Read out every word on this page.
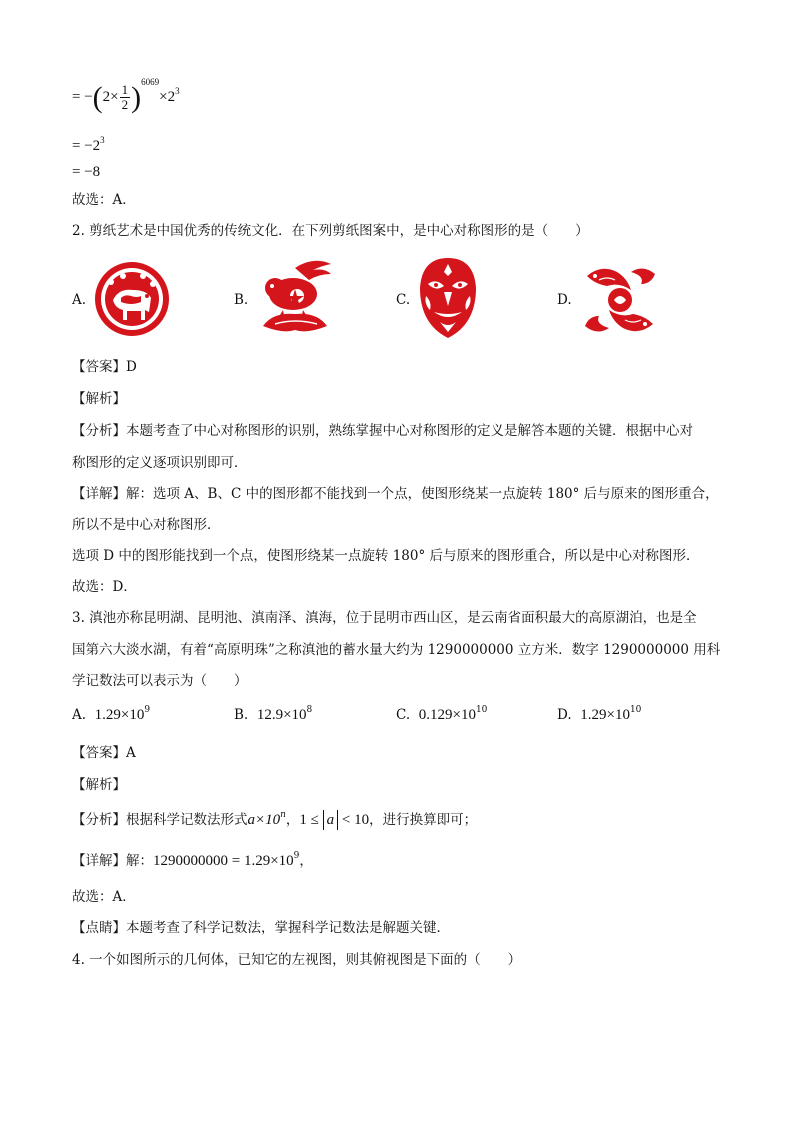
= $-(2\times \frac{1}{2} )^{6069}\times 2^3$
= $-2^3$
= −8
故选：A．
2. 剪纸艺术是中国优秀的传统文化．在下列剪纸图案中，是中心对称图形的是（　　）
A.	B.	C.	D.
【答案】D
【解析】
【分析】本题考查了中心对称图形的识别，熟练掌握中心对称图形的定义是解答本题的关键．根据中心对
称图形的定义逐项识别即可．
【详解】解：选项 A、B、C 中的图形都不能找到一个点，使图形绕某一点旋转 180° 后与原来的图形重合，
所以不是中心对称图形．
选项 D 中的图形能找到一个点，使图形绕某一点旋转 180° 后与原来的图形重合，所以是中心对称图形．
故选：D．
3. 滇池亦称昆明湖、昆明池、滇南泽、滇海，位于昆明市西山区，是云南省面积最大的高原湖泊，也是全
国第六大淡水湖，有着“高原明珠”之称滇池的蓄水量大约为 1290000000 立方米．数字 1290000000 用科
学记数法可以表示为（　　）
A. $1.29\times 10^9$	B. $12.9\times 10^8$	C. $0.129\times 10^{10}$	D. $1.29\times 10^{10}$
【答案】A
【解析】
【分析】根据科学记数法形式$a\times 10^n$，1 ≤ a < 10，进行换算即可；
【详解】解：$1290000000 = 1.29\times 10^9$，
故选：A．
【点睛】本题考查了科学记数法，掌握科学记数法是解题关键．
4. 一个如图所示的几何体，已知它的左视图，则其俯视图是下面的（　　）
